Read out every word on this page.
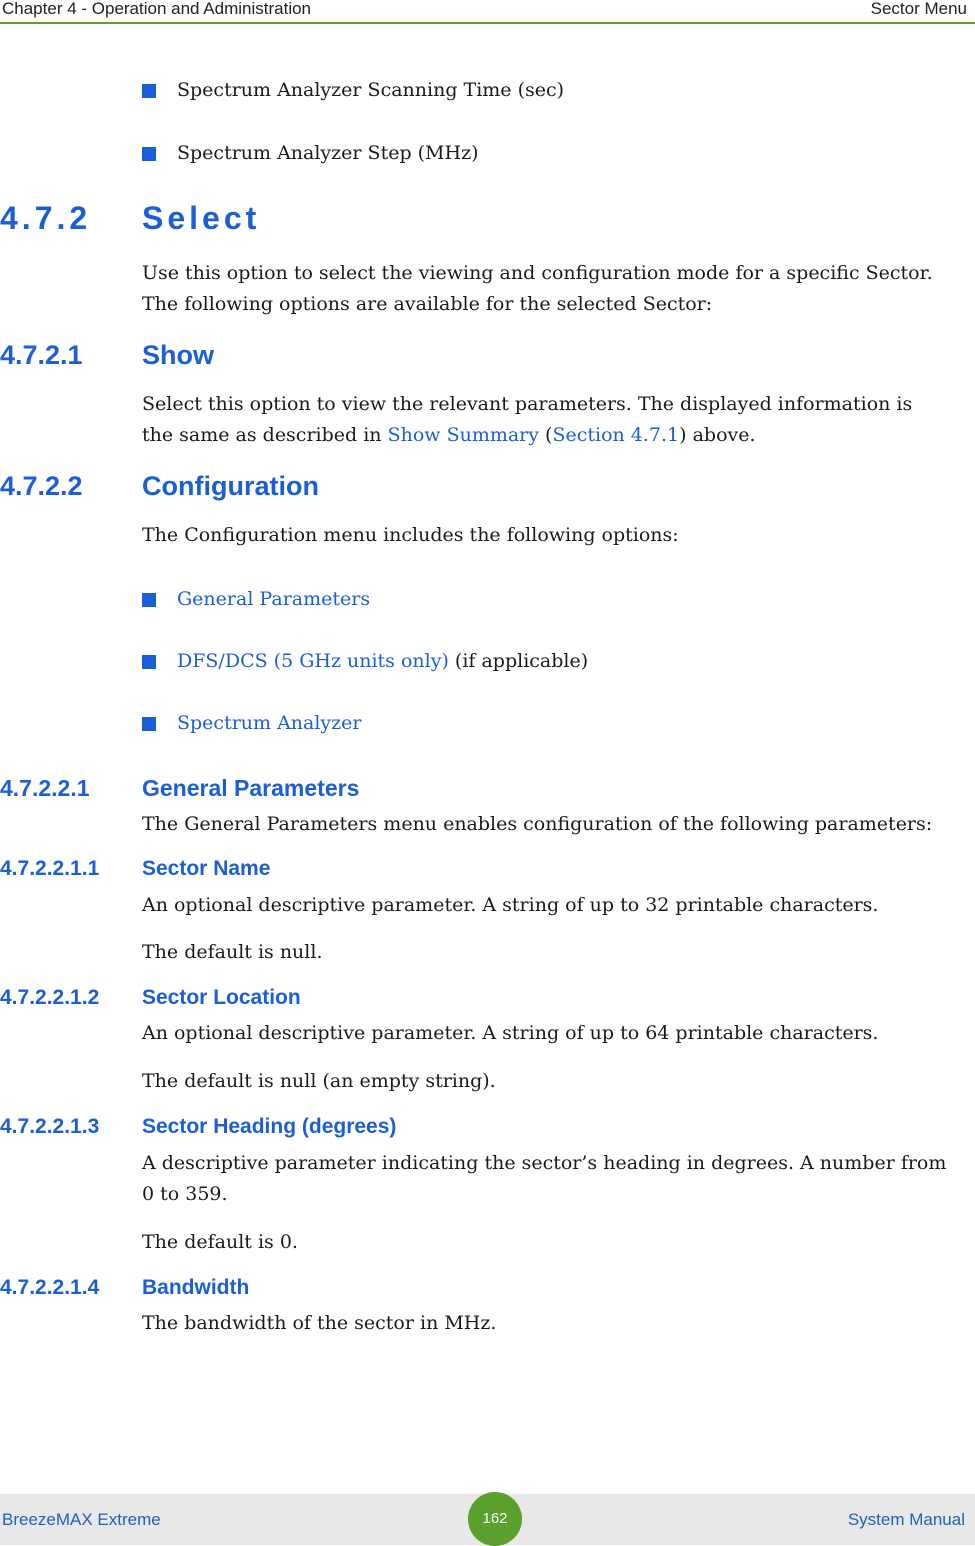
Chapter 4 - Operation and Administration	Sector Menu
Spectrum Analyzer Scanning Time (sec)
Spectrum Analyzer Step (MHz)
4.7.2 Select
Use this option to select the viewing and configuration mode for a specific Sector.
The following options are available for the selected Sector:
4.7.2.1 Show
Select this option to view the relevant parameters. The displayed information is
the same as described in Show Summary (Section 4.7.1) above.
4.7.2.2 Configuration
The Configuration menu includes the following options:
General Parameters
DFS/DCS (5 GHz units only) (if applicable)
Spectrum Analyzer
4.7.2.2.1 General Parameters
The General Parameters menu enables configuration of the following parameters:
4.7.2.2.1.1 Sector Name
An optional descriptive parameter. A string of up to 32 printable characters.
The default is null.
4.7.2.2.1.2 Sector Location
An optional descriptive parameter. A string of up to 64 printable characters.
The default is null (an empty string).
4.7.2.2.1.3 Sector Heading (degrees)
A descriptive parameter indicating the sector’s heading in degrees. A number from
0 to 359.
The default is 0.
4.7.2.2.1.4 Bandwidth
The bandwidth of the sector in MHz.
BreezeMAX Extreme	162	System Manual
